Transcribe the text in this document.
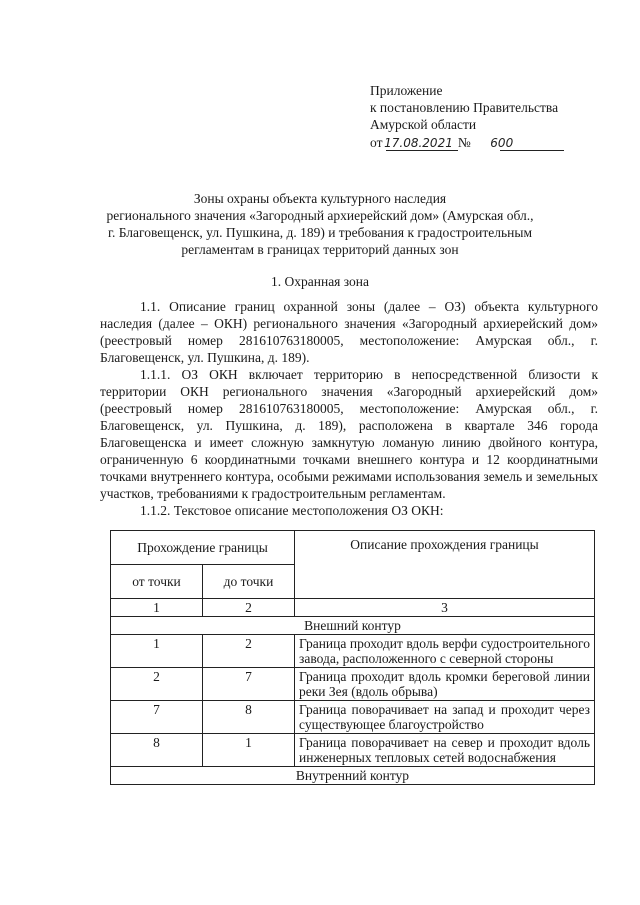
Приложение
к постановлению Правительства
Амурской области
от 17.08.2021 № 600
Зоны охраны объекта культурного наследия
регионального значения «Загородный архиерейский дом» (Амурская обл.,
г. Благовещенск, ул. Пушкина, д. 189) и требования к градостроительным
регламентам в границах территорий данных зон
1. Охранная зона

1.1. Описание границ охранной зоны (далее – ОЗ) объекта культурного наследия (далее – ОКН) регионального значения «Загородный архиерейский дом» (реестровый номер 281610763180005, местоположение: Амурская обл., г. Благовещенск, ул. Пушкина, д. 189).

1.1.1. ОЗ ОКН включает территорию в непосредственной близости к территории ОКН регионального значения «Загородный архиерейский дом» (реестровый номер 281610763180005, местоположение: Амурская обл., г. Благовещенск, ул. Пушкина, д. 189), расположена в квартале 346 города Благовещенска и имеет сложную замкнутую ломаную линию двойного контура, ограниченную 6 координатными точками внешнего контура и 12 координатными точками внутреннего контура, особыми режимами использования земель и земельных участков, требованиями к градостроительным регламентам.

1.1.2. Текстовое описание местоположения ОЗ ОКН:

Прохождение границы		Описание прохождения границы
от точки	до точки	
1	2	3
Внешний контур		
1	2	Граница проходит вдоль верфи судостроительного завода, расположенного с северной стороны
2	7	Граница проходит вдоль кромки береговой линии реки Зея (вдоль обрыва)
7	8	Граница поворачивает на запад и проходит через существующее благоустройство
8	1	Граница поворачивает на север и проходит вдоль инженерных тепловых сетей водоснабжения
Внутренний контур		
